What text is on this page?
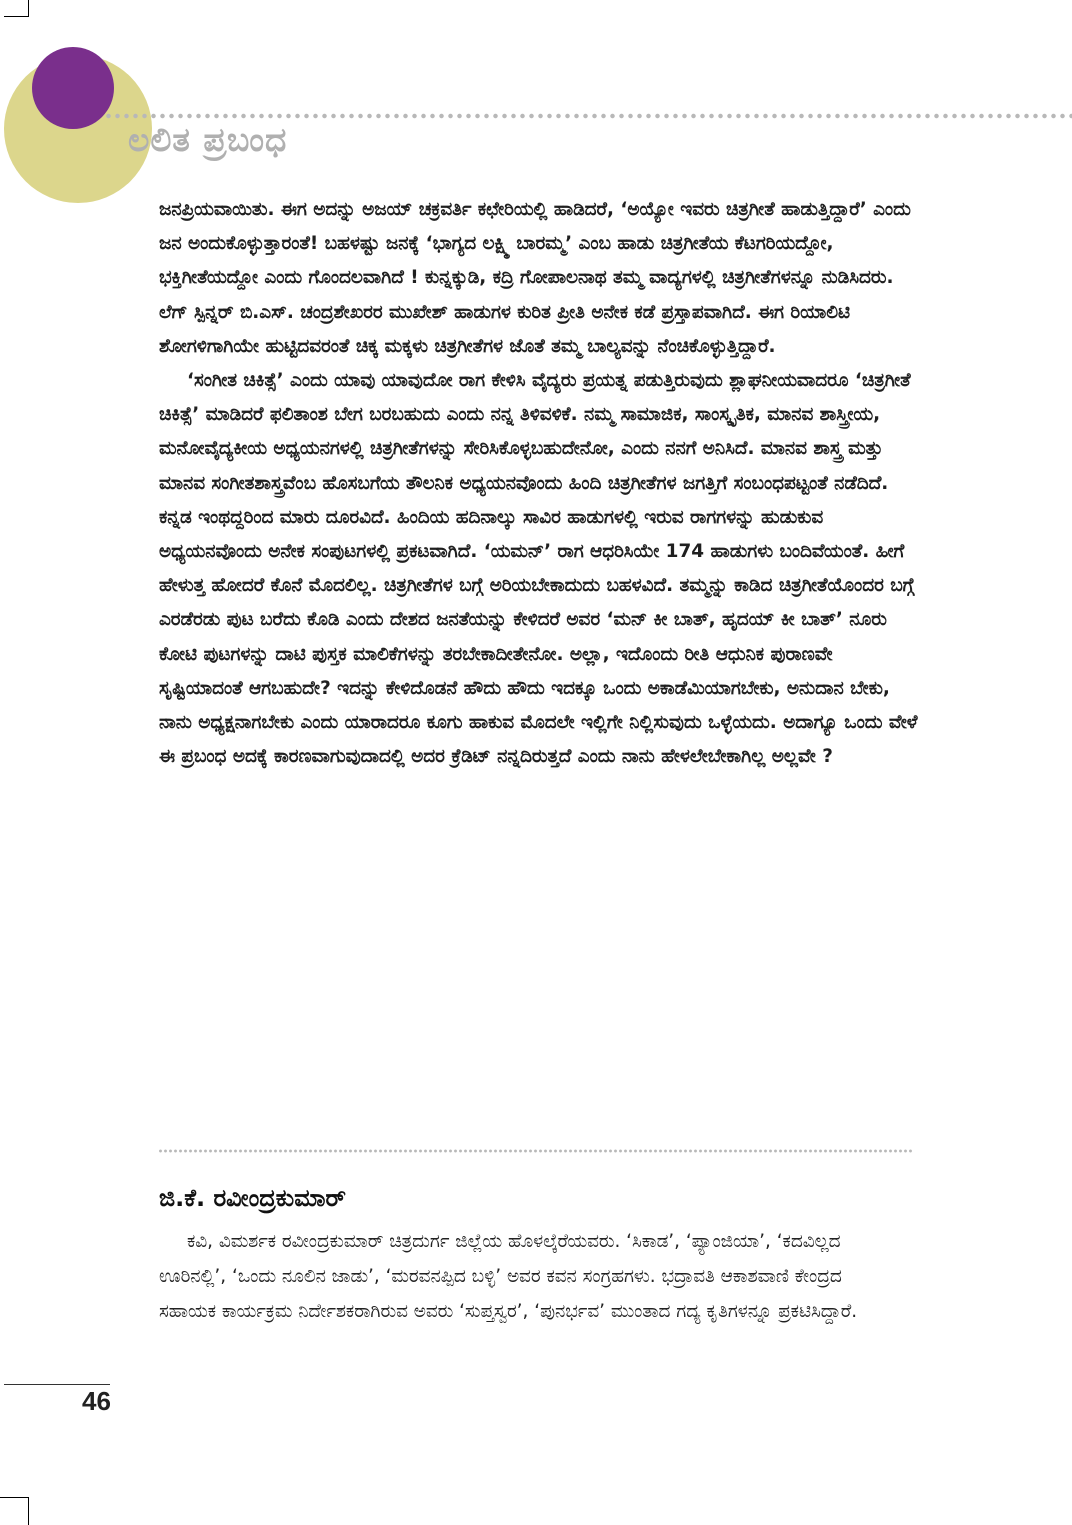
ಲಲಿತ ಪ್ರಬಂಧ

ಜನಪ್ರಿಯವಾಯಿತು. ಈಗ ಅದನ್ನು ಅಜಯ್ ಚಕ್ರವರ್ತಿ ಕಛೇರಿಯಲ್ಲಿ ಹಾಡಿದರೆ, ‘ಅಯ್ಯೋ ಇವರು ಚಿತ್ರಗೀತೆ ಹಾಡುತ್ತಿದ್ದಾರೆ’ ಎಂದು ಜನ ಅಂದುಕೊಳ್ಳುತ್ತಾರಂತೆ! ಬಹಳಷ್ಟು ಜನಕ್ಕೆ ‘ಭಾಗ್ಯದ ಲಕ್ಷ್ಮಿ ಬಾರಮ್ಮ’ ಎಂಬ ಹಾಡು ಚಿತ್ರಗೀತೆಯ ಕೆಟಗರಿಯದ್ದೋ, ಭಕ್ತಿಗೀತೆಯದ್ದೋ ಎಂದು ಗೊಂದಲವಾಗಿದೆ ! ಕುನ್ನಕ್ಕುಡಿ, ಕದ್ರಿ ಗೋಪಾಲನಾಥ ತಮ್ಮ ವಾದ್ಯಗಳಲ್ಲಿ ಚಿತ್ರಗೀತೆಗಳನ್ನೂ ನುಡಿಸಿದರು. ಲೆಗ್ ಸ್ಪಿನ್ನರ್ ಬಿ.ಎಸ್. ಚಂದ್ರಶೇಖರರ ಮುಖೇಶ್ ಹಾಡುಗಳ ಕುರಿತ ಪ್ರೀತಿ ಅನೇಕ ಕಡೆ ಪ್ರಸ್ತಾಪವಾಗಿದೆ. ಈಗ ರಿಯಾಲಿಟಿ ಶೋಗಳಿಗಾಗಿಯೇ ಹುಟ್ಟಿದವರಂತೆ ಚಿಕ್ಕ ಮಕ್ಕಳು ಚಿತ್ರಗೀತೆಗಳ ಜೊತೆ ತಮ್ಮ ಬಾಲ್ಯವನ್ನು ನೆಂಚಿಕೊಳ್ಳುತ್ತಿದ್ದಾರೆ.

‘ಸಂಗೀತ ಚಿಕಿತ್ಸೆ’ ಎಂದು ಯಾವು ಯಾವುದೋ ರಾಗ ಕೇಳಿಸಿ ವೈದ್ಯರು ಪ್ರಯತ್ನ ಪಡುತ್ತಿರುವುದು ಶ್ಲಾಘನೀಯವಾದರೂ ‘ಚಿತ್ರಗೀತೆ ಚಿಕಿತ್ಸೆ’ ಮಾಡಿದರೆ ಫಲಿತಾಂಶ ಬೇಗ ಬರಬಹುದು ಎಂದು ನನ್ನ ತಿಳಿವಳಿಕೆ. ನಮ್ಮ ಸಾಮಾಜಿಕ, ಸಾಂಸ್ಕೃತಿಕ, ಮಾನವ ಶಾಸ್ತ್ರೀಯ, ಮನೋವೈದ್ಯಕೀಯ ಅಧ್ಯಯನಗಳಲ್ಲಿ ಚಿತ್ರಗೀತೆಗಳನ್ನು ಸೇರಿಸಿಕೊಳ್ಳಬಹುದೇನೋ, ಎಂದು ನನಗೆ ಅನಿಸಿದೆ. ಮಾನವ ಶಾಸ್ತ್ರ ಮತ್ತು ಮಾನವ ಸಂಗೀತಶಾಸ್ತ್ರವೆಂಬ ಹೊಸಬಗೆಯ ತೌಲನಿಕ ಅಧ್ಯಯನವೊಂದು ಹಿಂದಿ ಚಿತ್ರಗೀತೆಗಳ ಜಗತ್ತಿಗೆ ಸಂಬಂಧಪಟ್ಟಂತೆ ನಡೆದಿದೆ. ಕನ್ನಡ ಇಂಥದ್ದರಿಂದ ಮಾರು ದೂರವಿದೆ. ಹಿಂದಿಯ ಹದಿನಾಲ್ಕು ಸಾವಿರ ಹಾಡುಗಳಲ್ಲಿ ಇರುವ ರಾಗಗಳನ್ನು ಹುಡುಕುವ ಅಧ್ಯಯನವೊಂದು ಅನೇಕ ಸಂಪುಟಗಳಲ್ಲಿ ಪ್ರಕಟವಾಗಿದೆ. ‘ಯಮನ್’ ರಾಗ ಆಧರಿಸಿಯೇ 174 ಹಾಡುಗಳು ಬಂದಿವೆಯಂತೆ. ಹೀಗೆ ಹೇಳುತ್ತ ಹೋದರೆ ಕೊನೆ ಮೊದಲಿಲ್ಲ. ಚಿತ್ರಗೀತೆಗಳ ಬಗ್ಗೆ ಅರಿಯಬೇಕಾದುದು ಬಹಳವಿದೆ. ತಮ್ಮನ್ನು ಕಾಡಿದ ಚಿತ್ರಗೀತೆಯೊಂದರ ಬಗ್ಗೆ ಎರಡೆರಡು ಪುಟ ಬರೆದು ಕೊಡಿ ಎಂದು ದೇಶದ ಜನತೆಯನ್ನು ಕೇಳಿದರೆ ಅವರ ‘ಮನ್ ಕೀ ಬಾತ್, ಹೃದಯ್ ಕೀ ಬಾತ್’ ನೂರು ಕೋಟಿ ಪುಟಗಳನ್ನು ದಾಟಿ ಪುಸ್ತಕ ಮಾಲಿಕೆಗಳನ್ನು ತರಬೇಕಾದೀತೇನೋ. ಅಲ್ಲಾ, ಇದೊಂದು ರೀತಿ ಆಧುನಿಕ ಪುರಾಣವೇ ಸೃಷ್ಟಿಯಾದಂತೆ ಆಗಬಹುದೇ? ಇದನ್ನು ಕೇಳಿದೊಡನೆ ಹೌದು ಹೌದು ಇದಕ್ಕೂ ಒಂದು ಅಕಾಡೆಮಿಯಾಗಬೇಕು, ಅನುದಾನ ಬೇಕು, ನಾನು ಅಧ್ಯಕ್ಷನಾಗಬೇಕು ಎಂದು ಯಾರಾದರೂ ಕೂಗು ಹಾಕುವ ಮೊದಲೇ ಇಲ್ಲಿಗೇ ನಿಲ್ಲಿಸುವುದು ಒಳ್ಳೆಯದು. ಅದಾಗ್ಯೂ ಒಂದು ವೇಳೆ ಈ ಪ್ರಬಂಧ ಅದಕ್ಕೆ ಕಾರಣವಾಗುವುದಾದಲ್ಲಿ ಅದರ ಕ್ರೆಡಿಟ್ ನನ್ನದಿರುತ್ತದೆ ಎಂದು ನಾನು ಹೇಳಲೇಬೇಕಾಗಿಲ್ಲ ಅಲ್ಲವೇ ?

ಜಿ.ಕೆ. ರವೀಂದ್ರಕುಮಾರ್

ಕವಿ, ವಿಮರ್ಶಕ ರವೀಂದ್ರಕುಮಾರ್ ಚಿತ್ರದುರ್ಗ ಜಿಲ್ಲೆಯ ಹೊಳಲ್ಕೆರೆಯವರು. ‘ಸಿಕಾಡ’, ‘ಪ್ಯಾಂಜಿಯಾ’, ‘ಕದವಿಲ್ಲದ ಊರಿನಲ್ಲಿ’, ‘ಒಂದು ನೂಲಿನ ಜಾಡು’, ‘ಮರವನಪ್ಪಿದ ಬಳ್ಳಿ’ ಅವರ ಕವನ ಸಂಗ್ರಹಗಳು. ಭದ್ರಾವತಿ ಆಕಾಶವಾಣಿ ಕೇಂದ್ರದ ಸಹಾಯಕ ಕಾರ್ಯಕ್ರಮ ನಿರ್ದೇಶಕರಾಗಿರುವ ಅವರು ‘ಸುಪ್ತಸ್ವರ’, ‘ಪುನರ್ಭವ’ ಮುಂತಾದ ಗದ್ಯ ಕೃತಿಗಳನ್ನೂ ಪ್ರಕಟಿಸಿದ್ದಾರೆ.

46
